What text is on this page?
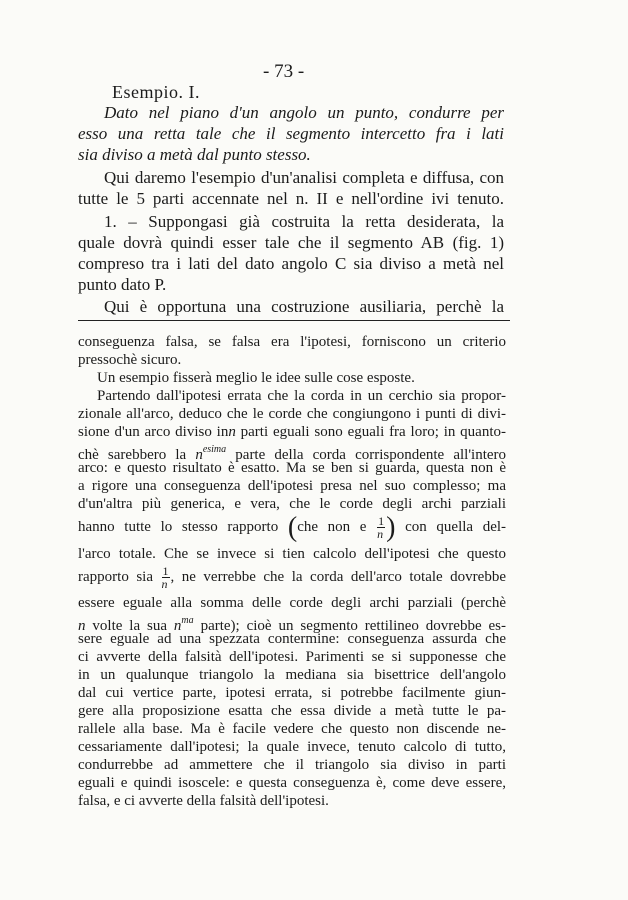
- 73 -
Esempio. I.
Dato nel piano d'un angolo un punto, condurre per
esso una retta tale che il segmento intercetto fra i lati
sia diviso a metà dal punto stesso.
Qui daremo l'esempio d'un'analisi completa e diffusa, con
tutte le 5 parti accennate nel n. II e nell'ordine ivi tenuto.
1. – Suppongasi già costruita la retta desiderata, la
quale dovrà quindi esser tale che il segmento AB (fig. 1)
compreso tra i lati del dato angolo C sia diviso a metà nel
punto dato P.
Qui è opportuna una costruzione ausiliaria, perchè la
conseguenza falsa, se falsa era l'ipotesi, forniscono un criterio
pressochè sicuro.
Un esempio fisserà meglio le idee sulle cose esposte.
Partendo dall'ipotesi errata che la corda in un cerchio sia propor-
zionale all'arco, deduco che le corde che congiungono i punti di divi-
sione d'un arco diviso inn parti eguali sono eguali fra loro; in quanto-
chè sarebbero la $n^{esima}$ parte della corda corrispondente all'intero
arco: e questo risultato è esatto. Ma se ben si guarda, questa non è
a rigore una conseguenza dell'ipotesi presa nel suo complesso; ma
d'un'altra più generica, e vera, che le corde degli archi parziali
hanno tutte lo stesso rapporto (che non e $\frac{1}{n}$ ) con quella del-
l'arco totale. Che se invece si tien calcolo dell'ipotesi che questo
rapporto sia $\frac{1}{n}$ , ne verrebbe che la corda dell'arco totale dovrebbe
essere eguale alla somma delle corde degli archi parziali (perchè
n volte la sua $n^{ma}$ parte); cioè un segmento rettilineo dovrebbe es-
sere eguale ad una spezzata contermine: conseguenza assurda che
ci avverte della falsità dell'ipotesi. Parimenti se si supponesse che
in un qualunque triangolo la mediana sia bisettrice dell'angolo
dal cui vertice parte, ipotesi errata, si potrebbe facilmente giun-
gere alla proposizione esatta che essa divide a metà tutte le pa-
rallele alla base. Ma è facile vedere che questo non discende ne-
cessariamente dall'ipotesi; la quale invece, tenuto calcolo di tutto,
condurrebbe ad ammettere che il triangolo sia diviso in parti
eguali e quindi isoscele: e questa conseguenza è, come deve essere,
falsa, e ci avverte della falsità dell'ipotesi.
